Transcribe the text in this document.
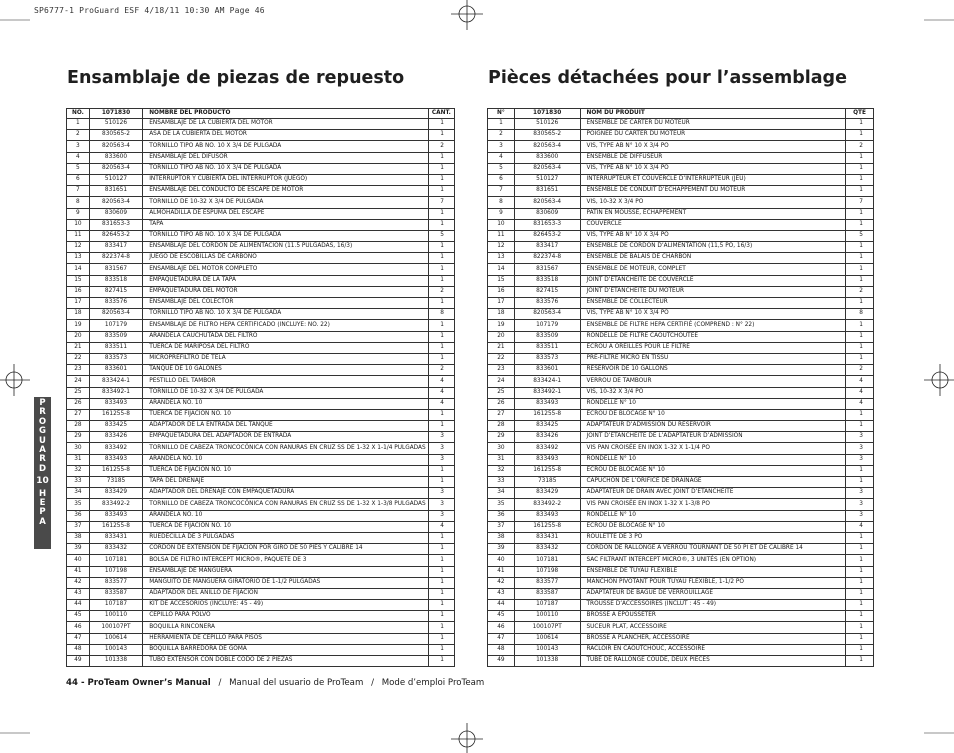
SP6777-1 ProGuard ESF 4/18/11 10:30 AM Page 46
Ensamblaje de piezas de repuesto	Pièces détachées pour l’assemblage
NO.	1071830	NOMBRE DEL PRODUCTO	CANT.
1	510126	ENSAMBLAJE DE LA CUBIERTA DEL MOTOR	1
2	830565-2	ASA DE LA CUBIERTA DEL MOTOR	1
3	820563-4	TORNILLO TIPO AB NO. 10 X 3/4 DE PULGADA	2
4	833600	ENSAMBLAJE DEL DIFUSOR	1
5	820563-4	TORNILLO TIPO AB NO. 10 X 3/4 DE PULGADA	1
6	510127	INTERRUPTOR Y CUBIERTA DEL INTERRUPTOR (JUEGO)	1
7	831651	ENSAMBLAJE DEL CONDUCTO DE ESCAPE DE MOTOR	1
8	820563-4	TORNILLO DE 10-32 X 3/4 DE PULGADA	7
9	830609	ALMOHADILLA DE ESPUMA DEL ESCAPE	1
10	831653-3	TAPA	1
11	826453-2	TORNILLO TIPO AB NO. 10 X 3/4 DE PULGADA	5
12	833417	ENSAMBLAJE DEL CORDÓN DE ALIMENTACIÓN (11.5 PULGADAS, 16/3)	1
13	822374-8	JUEGO DE ESCOBILLAS DE CARBONO	1
14	831567	ENSAMBLAJE DEL MOTOR COMPLETO	1
15	833518	EMPAQUETADURA DE LA TAPA	1
16	827415	EMPAQUETADURA DEL MOTOR	2
17	833576	ENSAMBLAJE DEL COLECTOR	1
18	820563-4	TORNILLO TIPO AB NO. 10 X 3/4 DE PULGADA	8
19	107179	ENSAMBLAJE DE FILTRO HEPA CERTIFICADO (INCLUYE: NO. 22)	1
20	833509	ARANDELA CAUCHUTADA DEL FILTRO	1
21	833511	TUERCA DE MARIPOSA DEL FILTRO	1
22	833573	MICROPREFILTRO DE TELA	1
23	833601	TANQUE DE 10 GALONES	2
24	833424-1	PESTILLO DEL TAMBOR	4
25	833492-1	TORNILLO DE 10-32 X 3/4 DE PULGADA	4
26	833493	ARANDELA NO. 10	4
27	161255-8	TUERCA DE FIJACIÓN NO. 10	1
28	833425	ADAPTADOR DE LA ENTRADA DEL TANQUE	1
29	833426	EMPAQUETADURA DEL ADAPTADOR DE ENTRADA	3
30	833492	TORNILLO DE CABEZA TRONCOCÓNICA CON RANURAS EN CRUZ SS DE 1-32 X 1-1/4 PULGADAS	3
31	833493	ARANDELA NO. 10	3
32	161255-8	TUERCA DE FIJACIÓN NO. 10	1
33	73185	TAPA DEL DRENAJE	1
34	833429	ADAPTADOR DEL DRENAJE CON EMPAQUETADURA	3
35	833492-2	TORNILLO DE CABEZA TRONCOCÓNICA CON RANURAS EN CRUZ SS DE 1-32 X 1-3/8 PULGADAS	3
36	833493	ARANDELA NO. 10	3
37	161255-8	TUERCA DE FIJACIÓN NO. 10	4
38	833431	RUEDECILLA DE 3 PULGADAS	1
39	833432	CORDÓN DE EXTENSIÓN DE FIJACIÓN POR GIRO DE 50 PIES Y CALIBRE 14	1
40	107181	BOLSA DE FILTRO INTERCEPT MICRO®, PAQUETE DE 3	1
41	107198	ENSAMBLAJE DE MANGUERA	1
42	833577	MANGUITO DE MANGUERA GIRATORIO DE 1-1/2 PULGADAS	1
43	833587	ADAPTADOR DEL ANILLO DE FIJACIÓN	1
44	107187	KIT DE ACCESORIOS (INCLUYE: 45 - 49)	1
45	100110	CEPILLO PARA POLVO	1
46	100107PT	BOQUILLA RINCONERA	1
47	100614	HERRAMIENTA DE CEPILLO PARA PISOS	1
48	100143	BOQUILLA BARREDORA DE GOMA	1
49	101338	TUBO EXTENSOR CON DOBLE CODO DE 2 PIEZAS	1
N°	1071830	NOM DU PRODUIT	QTÉ
1	510126	ENSEMBLE DE CARTER DU MOTEUR	1
2	830565-2	POIGNÉE DU CARTER DU MOTEUR	1
3	820563-4	VIS, TYPE AB N° 10 X 3/4 PO	2
4	833600	ENSEMBLE DE DIFFUSEUR	1
5	820563-4	VIS, TYPE AB N° 10 X 3/4 PO	1
6	510127	INTERRUPTEUR ET COUVERCLE D’INTERRUPTEUR (JEU)	1
7	831651	ENSEMBLE DE CONDUIT D’ÉCHAPPEMENT DU MOTEUR	1
8	820563-4	VIS, 10-32 X 3/4 PO	7
9	830609	PATIN EN MOUSSE, ÉCHAPPEMENT	1
10	831653-3	COUVERCLE	1
11	826453-2	VIS, TYPE AB N° 10 X 3/4 PO	5
12	833417	ENSEMBLE DE CORDON D’ALIMENTATION (11,5 PO, 16/3)	1
13	822374-8	ENSEMBLE DE BALAIS DE CHARBON	1
14	831567	ENSEMBLE DE MOTEUR, COMPLET	1
15	833518	JOINT D’ÉTANCHÉITÉ DE COUVERCLE	1
16	827415	JOINT D’ÉTANCHÉITÉ DU MOTEUR	2
17	833576	ENSEMBLE DE COLLECTEUR	1
18	820563-4	VIS, TYPE AB N° 10 X 3/4 PO	8
19	107179	ENSEMBLE DE FILTRE HEPA CERTIFIÉ (COMPREND : N° 22)	1
20	833509	RONDELLE DE FILTRE CAOUTCHOUTÉE	1
21	833511	ÉCROU À OREILLES POUR LE FILTRE	1
22	833573	PRÉ-FILTRE MICRO EN TISSU	1
23	833601	RÉSERVOIR DE 10 GALLONS	2
24	833424-1	VERROU DE TAMBOUR	4
25	833492-1	VIS, 10-32 X 3/4 PO	4
26	833493	RONDELLE N° 10	4
27	161255-8	ÉCROU DE BLOCAGE N° 10	1
28	833425	ADAPTATEUR D’ADMISSION DU RÉSERVOIR	1
29	833426	JOINT D’ÉTANCHÉITÉ DE L’ADAPTATEUR D’ADMISSION	3
30	833492	VIS PAN CROISÉE EN INOX 1-32 X 1-1/4 PO	3
31	833493	RONDELLE N° 10	3
32	161255-8	ÉCROU DE BLOCAGE N° 10	1
33	73185	CAPUCHON DE L’ORIFICE DE DRAINAGE	1
34	833429	ADAPTATEUR DE DRAIN AVEC JOINT D’ÉTANCHÉITÉ	3
35	833492-2	VIS PAN CROISÉE EN INOX 1-32 X 1-3/8 PO	3
36	833493	RONDELLE N° 10	3
37	161255-8	ÉCROU DE BLOCAGE N° 10	4
38	833431	ROULETTE DE 3 PO	1
39	833432	CORDON DE RALLONGE À VERROU TOURNANT DE 50 PI ET DE CALIBRE 14	1
40	107181	SAC FILTRANT INTERCEPT MICRO®, 3 UNITÉS (EN OPTION)	1
41	107198	ENSEMBLE DE TUYAU FLEXIBLE	1
42	833577	MANCHON PIVOTANT POUR TUYAU FLEXIBLE, 1-1/2 PO	1
43	833587	ADAPTATEUR DE BAGUE DE VERROUILLAGE	1
44	107187	TROUSSE D’ACCESSOIRES (INCLUT : 45 - 49)	1
45	100110	BROSSE À ÉPOUSSETER	1
46	100107PT	SUCEUR PLAT, ACCESSOIRE	1
47	100614	BROSSE À PLANCHER, ACCESSOIRE	1
48	100143	RACLOIR EN CAOUTCHOUC, ACCESSOIRE	1
49	101338	TUBE DE RALLONGE COUDÉ, DEUX PIÈCES	1
P
R
O
G
U
A
R
D
10
H
E
P
A
44 - ProTeam Owner’s Manual / Manual del usuario de ProTeam / Mode d’emploi ProTeam
